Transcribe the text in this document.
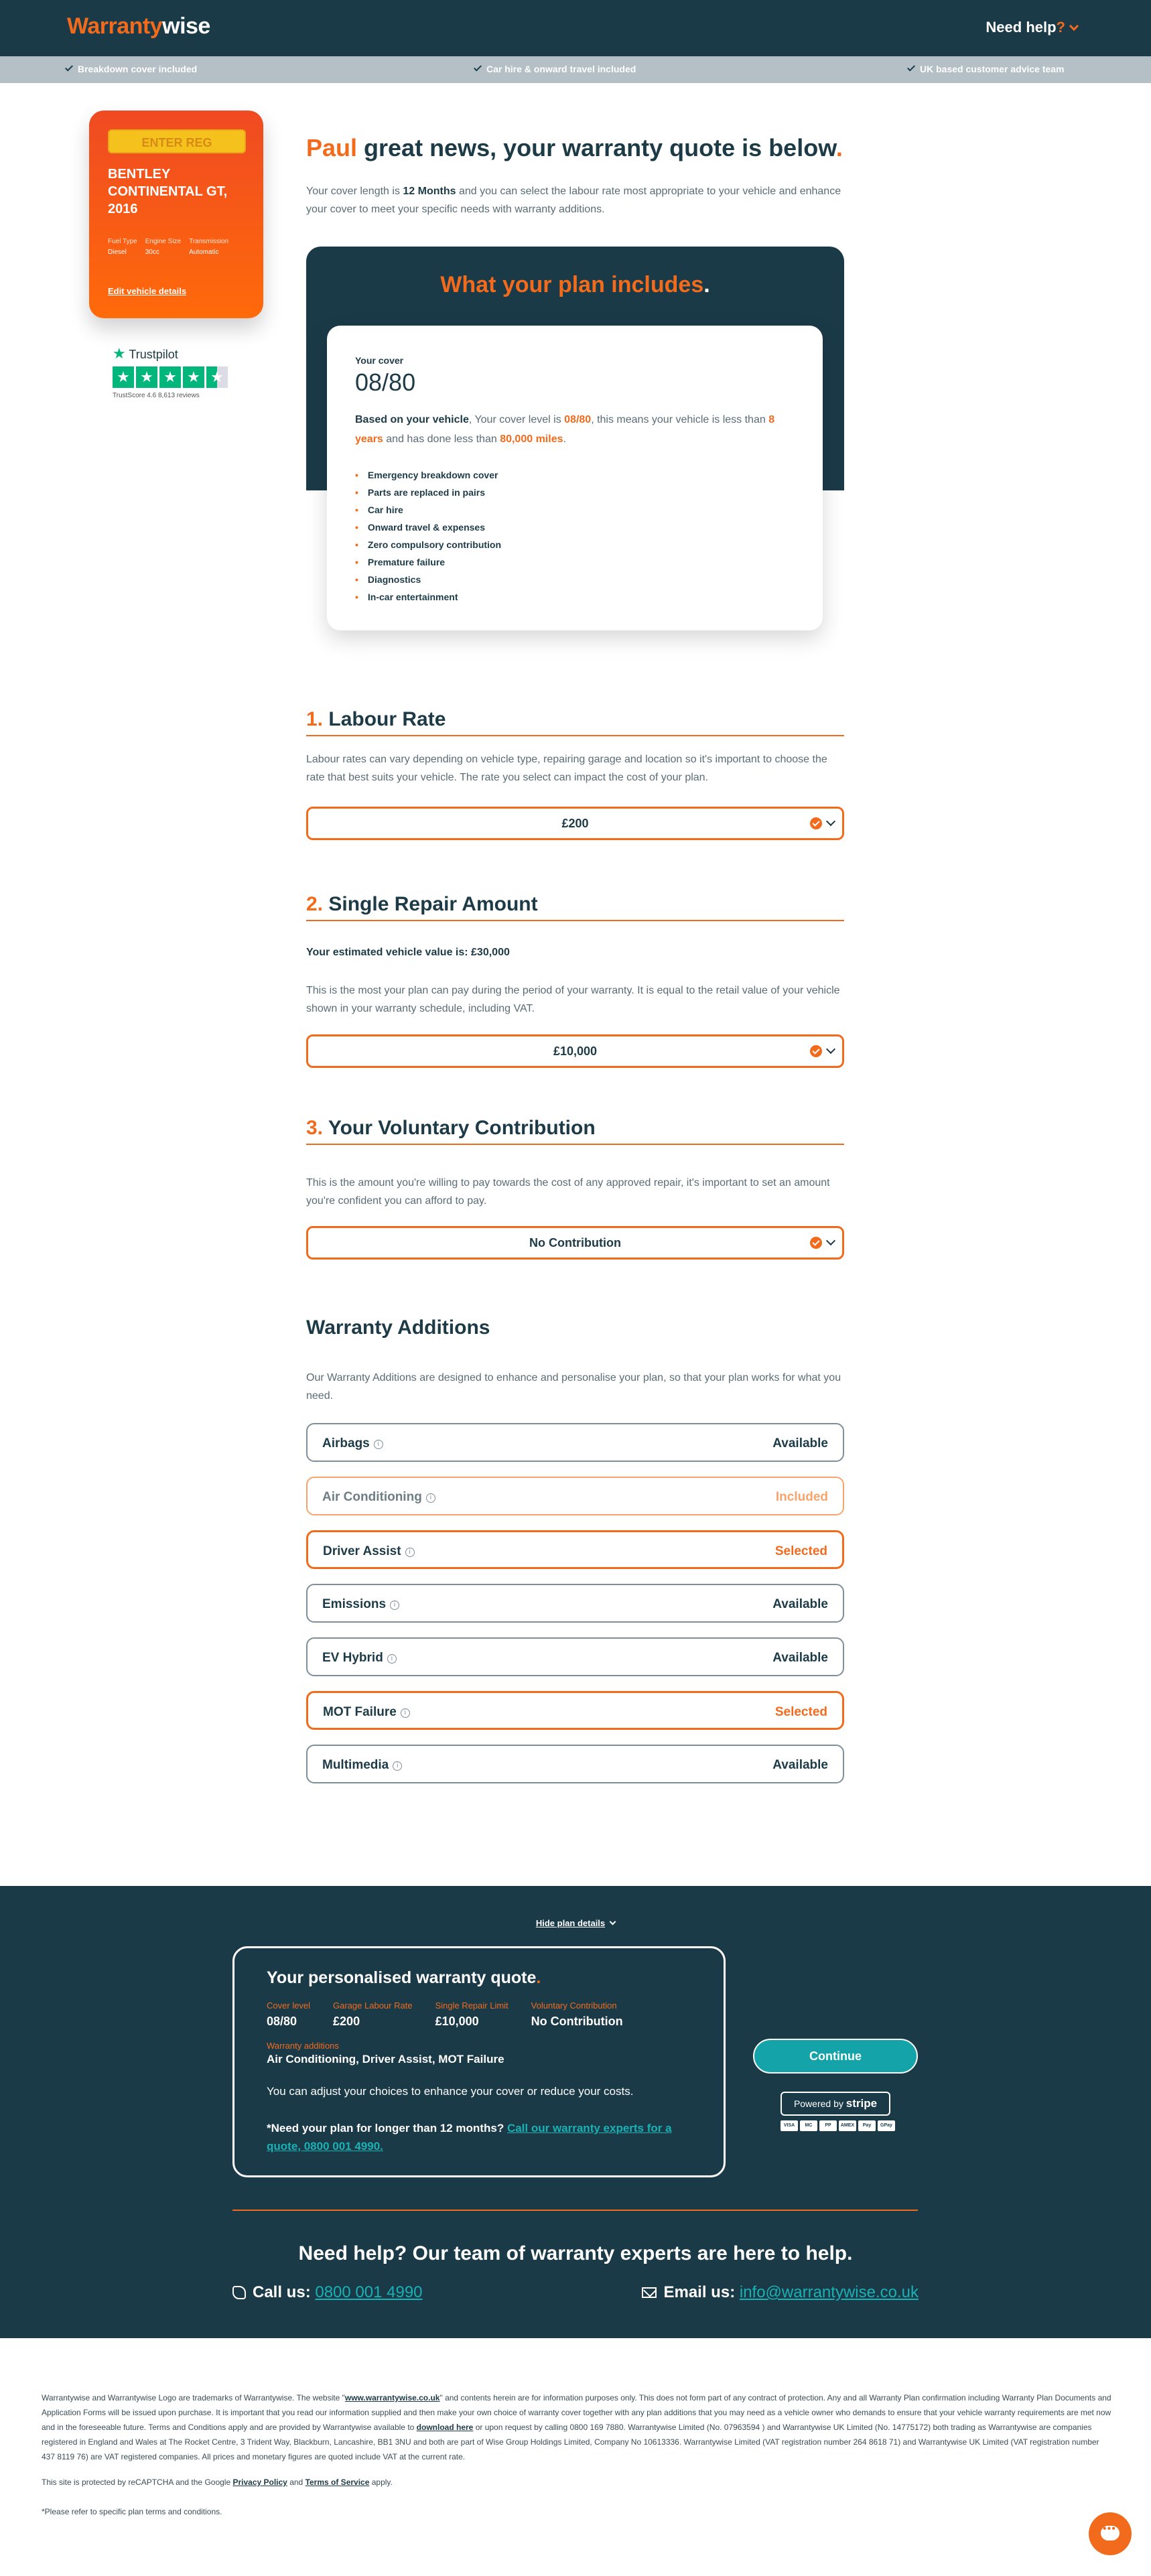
Warrantywise	Need help?
Breakdown cover included	Car hire & onward travel included	UK based customer advice team
ENTER REG
BENTLEY CONTINENTAL GT, 2016
Fuel Type
Diesel
Engine Size
30cc
Transmission
Automatic
Edit vehicle details
★ Trustpilot
★ ★ ★ ★ ★
TrustScore 4.6 8,613 reviews
Paul great news, your warranty quote is below.
Your cover length is 12 Months and you can select the labour rate most appropriate to your vehicle and enhance your cover to meet your specific needs with warranty additions.
What your plan includes.
Your cover
08/80
Based on your vehicle, Your cover level is 08/80, this means your vehicle is less than 8 years and has done less than 80,000 miles.
• Emergency breakdown cover
• Parts are replaced in pairs
• Car hire
• Onward travel & expenses
• Zero compulsory contribution
• Premature failure
• Diagnostics
• In-car entertainment
1. Labour Rate
Labour rates can vary depending on vehicle type, repairing garage and location so it's important to choose the rate that best suits your vehicle. The rate you select can impact the cost of your plan.
£200
2. Single Repair Amount
Your estimated vehicle value is: £30,000
This is the most your plan can pay during the period of your warranty. It is equal to the retail value of your vehicle shown in your warranty schedule, including VAT.
£10,000
3. Your Voluntary Contribution
This is the amount you're willing to pay towards the cost of any approved repair, it's important to set an amount you're confident you can afford to pay.
No Contribution
Warranty Additions
Our Warranty Additions are designed to enhance and personalise your plan, so that your plan works for what you need.
Airbags i	Available
Air Conditioning i	Included
Driver Assist i	Selected
Emissions i	Available
EV Hybrid i	Available
MOT Failure i	Selected
Multimedia i	Available
Hide plan details
Your personalised warranty quote.
Cover level
08/80
Garage Labour Rate
£200
Single Repair Limit
£10,000
Voluntary Contribution
No Contribution
Warranty additions
Air Conditioning, Driver Assist, MOT Failure
You can adjust your choices to enhance your cover or reduce your costs.
*Need your plan for longer than 12 months? Call our warranty experts for a quote, 0800 001 4990.
Continue
Powered by stripe
VISA	MC	PP	AMEX	Pay	GPay
Need help? Our team of warranty experts are here to help.
Call us: 0800 001 4990	Email us: info@warrantywise.co.uk
Warrantywise and Warrantywise Logo are trademarks of Warrantywise. The website "www.warrantywise.co.uk" and contents herein are for information purposes only. This does not form part of any contract of protection. Any and all Warranty Plan confirmation including Warranty Plan Documents and Application Forms will be issued upon purchase. It is important that you read our information supplied and then make your own choice of warranty cover together with any plan additions that you may need as a vehicle owner who demands to ensure that your vehicle warranty requirements are met now and in the foreseeable future. Terms and Conditions apply and are provided by Warrantywise available to download here or upon request by calling 0800 169 7880. Warrantywise Limited (No. 07963594 ) and Warrantywise UK Limited (No. 14775172) both trading as Warrantywise are companies registered in England and Wales at The Rocket Centre, 3 Trident Way, Blackburn, Lancashire, BB1 3NU and both are part of Wise Group Holdings Limited, Company No 10613336. Warrantywise Limited (VAT registration number 264 8618 71) and Warrantywise UK Limited (VAT registration number 437 8119 76) are VAT registered companies. All prices and monetary figures are quoted include VAT at the current rate.
This site is protected by reCAPTCHA and the Google Privacy Policy and Terms of Service apply.
*Please refer to specific plan terms and conditions.
•••
